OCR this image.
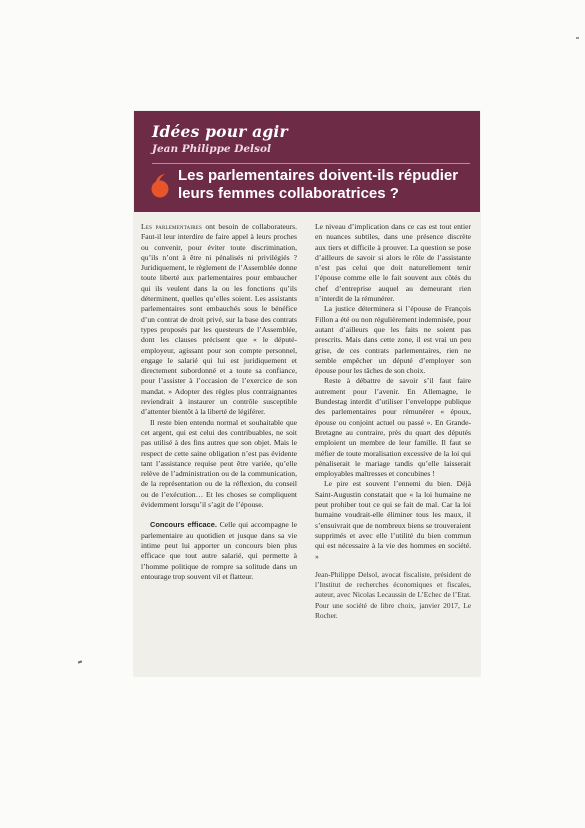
Idées pour agir
Jean Philippe Delsol
Les parlementaires doivent-ils répudier leurs femmes collaboratrices ?

Les parlementaires ont besoin de collaborateurs. Faut-il leur interdire de faire appel à leurs proches ou convenir, pour éviter toute discrimination, qu’ils n’ont à être ni pénalisés ni privilégiés ? Juridiquement, le règlement de l’Assemblée donne toute liberté aux parlementaires pour embaucher qui ils veulent dans la ou les fonctions qu’ils déterminent, quelles qu’elles soient. Les assistants parlementaires sont embauchés sous le bénéfice d’un contrat de droit privé, sur la base des contrats types proposés par les questeurs de l’Assemblée, dont les clauses précisent que « le député-employeur, agissant pour son compte personnel, engage le salarié qui lui est juridiquement et directement subordonné et a toute sa confiance, pour l’assister à l’occasion de l’exercice de son mandat. » Adopter des règles plus contraignantes reviendrait à instaurer un contrôle susceptible d’attenter bientôt à la liberté de légiférer.

Il reste bien entendu normal et souhaitable que cet argent, qui est celui des contribuables, ne soit pas utilisé à des fins autres que son objet. Mais le respect de cette saine obligation n’est pas évidente tant l’assistance requise peut être variée, qu’elle relève de l’administration ou de la communication, de la représentation ou de la réflexion, du conseil ou de l’exécution… Et les choses se compliquent évidemment lorsqu’il s’agit de l’épouse.

Concours efficace. Celle qui accompagne le parlementaire au quotidien et jusque dans sa vie intime peut lui apporter un concours bien plus efficace que tout autre salarié, qui permette à l’homme politique de rompre sa solitude dans un entourage trop souvent vil et flatteur.

Le niveau d’implication dans ce cas est tout entier en nuances subtiles, dans une présence discrète aux tiers et difficile à prouver. La question se pose d’ailleurs de savoir si alors le rôle de l’assistante n’est pas celui que doit naturellement tenir l’épouse comme elle le fait souvent aux côtés du chef d’entreprise auquel au demeurant rien n’interdit de la rémunérer.

La justice déterminera si l’épouse de François Fillon a été ou non régulièrement indemnisée, pour autant d’ailleurs que les faits ne soient pas prescrits. Mais dans cette zone, il est vrai un peu grise, de ces contrats parlementaires, rien ne semble empêcher un député d’employer son épouse pour les tâches de son choix.

Reste à débattre de savoir s’il faut faire autrement pour l’avenir. En Allemagne, le Bundestag interdit d’utiliser l’enveloppe publique des parlementaires pour rémunérer « époux, épouse ou conjoint actuel ou passé ». En Grande-Bretagne au contraire, près du quart des députés emploient un membre de leur famille. Il faut se méfier de toute moralisation excessive de la loi qui pénaliserait le mariage tandis qu’elle laisserait employables maîtresses et concubines !

Le pire est souvent l’ennemi du bien. Déjà Saint-Augustin constatait que « la loi humaine ne peut prohiber tout ce qui se fait de mal. Car la loi humaine voudrait-elle éliminer tous les maux, il s’ensuivrait que de nombreux biens se trouveraient supprimés et avec elle l’utilité du bien commun qui est nécessaire à la vie des hommes en société. »

Jean-Philippe Delsol, avocat fiscaliste, président de l’Institut de recherches économiques et fiscales, auteur, avec Nicolas Lecaussin de L’Echec de l’Etat. Pour une société de libre choix, janvier 2017, Le Rocher.
